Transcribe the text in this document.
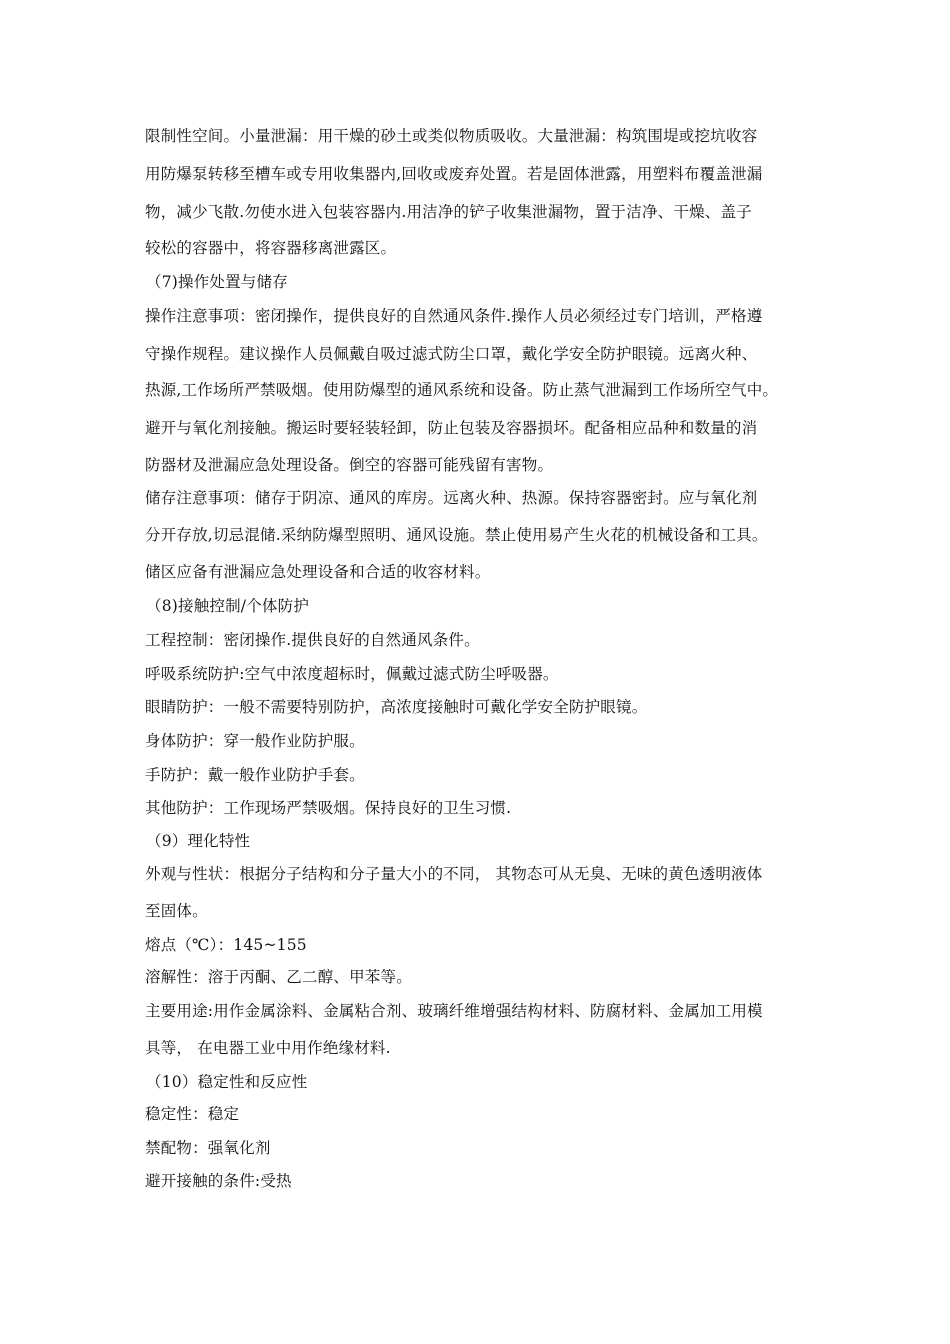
限制性空间。小量泄漏：用干燥的砂土或类似物质吸收。大量泄漏：构筑围堤或挖坑收容
用防爆泵转移至槽车或专用收集器内,回收或废弃处置。若是固体泄露，用塑料布覆盖泄漏
物，减少飞散.勿使水进入包装容器内.用洁净的铲子收集泄漏物，置于洁净、干燥、盖子
较松的容器中，将容器移离泄露区。
（7)操作处置与储存
操作注意事项：密闭操作，提供良好的自然通风条件.操作人员必须经过专门培训，严格遵
守操作规程。建议操作人员佩戴自吸过滤式防尘口罩，戴化学安全防护眼镜。远离火种、
热源,工作场所严禁吸烟。使用防爆型的通风系统和设备。防止蒸气泄漏到工作场所空气中。
避开与氧化剂接触。搬运时要轻装轻卸，防止包装及容器损坏。配备相应品种和数量的消
防器材及泄漏应急处理设备。倒空的容器可能残留有害物。
储存注意事项：储存于阴凉、通风的库房。远离火种、热源。保持容器密封。应与氧化剂
分开存放,切忌混储.采纳防爆型照明、通风设施。禁止使用易产生火花的机械设备和工具。
储区应备有泄漏应急处理设备和合适的收容材料。
（8)接触控制/个体防护
工程控制：密闭操作.提供良好的自然通风条件。
呼吸系统防护:空气中浓度超标时，佩戴过滤式防尘呼吸器。
眼睛防护：一般不需要特别防护，高浓度接触时可戴化学安全防护眼镜。
身体防护：穿一般作业防护服。
手防护：戴一般作业防护手套。
其他防护：工作现场严禁吸烟。保持良好的卫生习惯.
（9）理化特性
外观与性状：根据分子结构和分子量大小的不同， 其物态可从无臭、无味的黄色透明液体
至固体。
熔点（℃）：145~155
溶解性：溶于丙酮、乙二醇、甲苯等。
主要用途:用作金属涂料、金属粘合剂、玻璃纤维增强结构材料、防腐材料、金属加工用模
具等， 在电器工业中用作绝缘材料.
（10）稳定性和反应性
稳定性：稳定
禁配物：强氧化剂
避开接触的条件:受热
